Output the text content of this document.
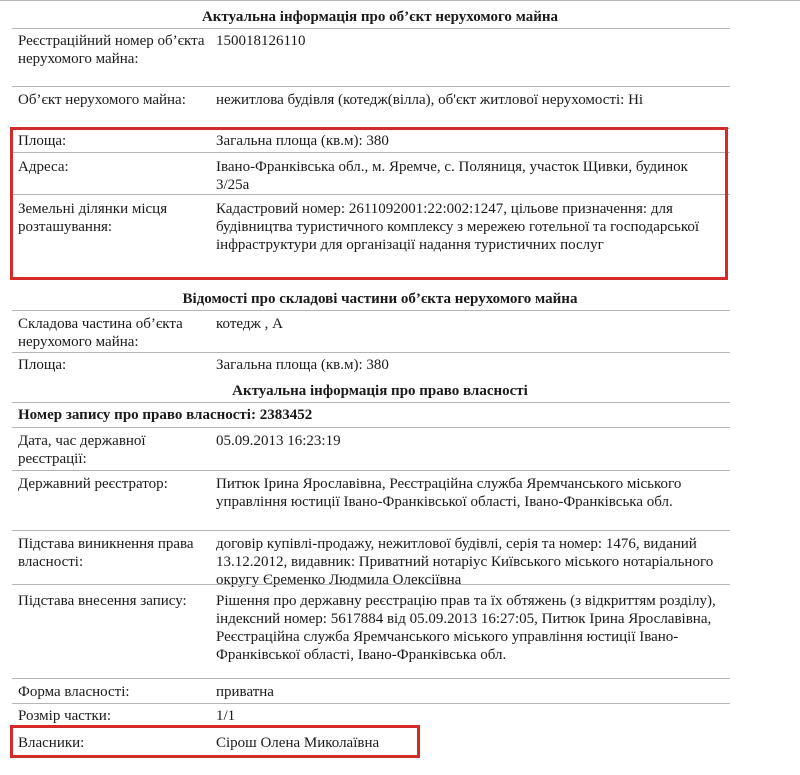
Актуальна інформація про об’єкт нерухомого майна
Реєстраційний номер об’єкта нерухомого майна:
150018126110
Об’єкт нерухомого майна:	нежитлова будівля (котедж(вілла), об'єкт житлової нерухомості: Ні
Площа:	Загальна площа (кв.м): 380
Адреса:	Івано-Франківська обл., м. Яремче, с. Поляниця, участок Щивки, будинок 3/25а
Земельні ділянки місця розташування:
Кадастровий номер: 2611092001:22:002:1247, цільове призначення: для будівництва туристичного комплексу з мережею готельної та господарської інфраструктури для організації надання туристичних послуг
Відомості про складові частини об’єкта нерухомого майна
Складова частина об’єкта нерухомого майна:
котедж , А
Площа:	Загальна площа (кв.м): 380
Актуальна інформація про право власності
Номер запису про право власності: 2383452
Дата, час державної реєстрації:
05.09.2013 16:23:19
Державний реєстратор:	Питюк Ірина Ярославівна, Реєстраційна служба Яремчанського міського управління юстиції Івано-Франківської області, Івано-Франківська обл.
Підстава виникнення права власності:
договір купівлі-продажу, нежитлової будівлі, серія та номер: 1476, виданий 13.12.2012, видавник: Приватний нотаріус Київського міського нотаріального округу Єременко Людмила Олексіївна
Підстава внесення запису:	Рішення про державну реєстрацію прав та їх обтяжень (з відкриттям розділу), індексний номер: 5617884 від 05.09.2013 16:27:05, Питюк Ірина Ярославівна, Реєстраційна служба Яремчанського міського управління юстиції Івано-Франківської області, Івано-Франківська обл.
Форма власності:	приватна
Розмір частки:	1/1
Власники:	Сірош Олена Миколаївна
